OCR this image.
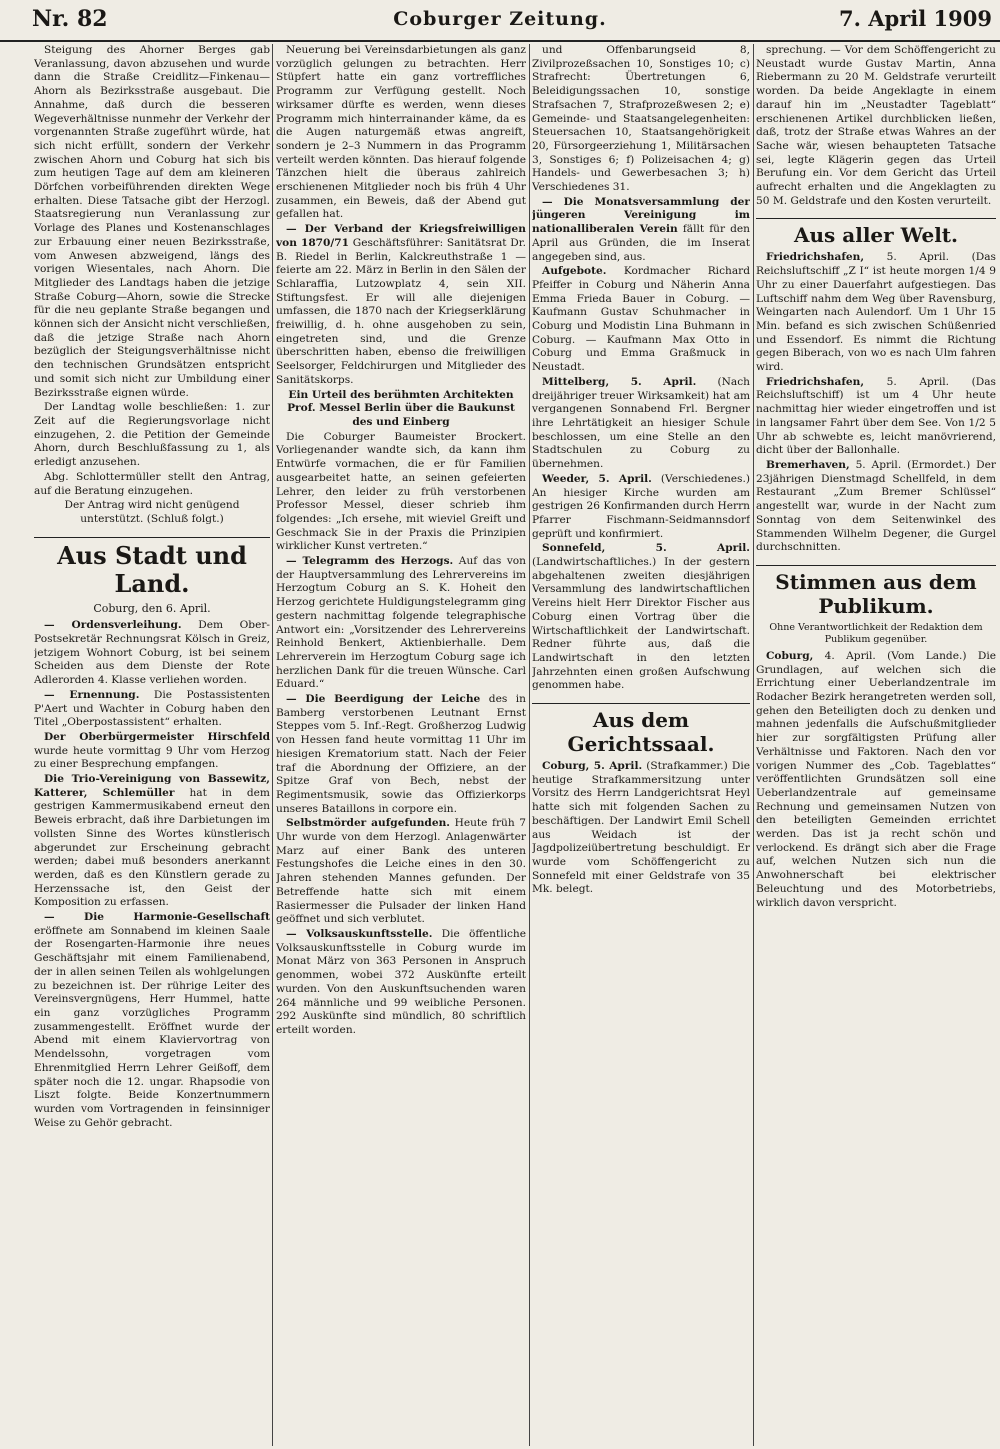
Nr. 82	Coburger Zeitung.	7. April 1909

Steigung des Ahorner Berges gab Veranlassung, davon abzusehen und wurde dann die Straße Creidlitz—Finkenau—Ahorn als Bezirksstraße ausgebaut. Die Annahme, daß durch die besseren Wegeverhältnisse nunmehr der Verkehr der vorgenannten Straße zugeführt würde, hat sich nicht erfüllt, sondern der Verkehr zwischen Ahorn und Coburg hat sich bis zum heutigen Tage auf dem am kleineren Dörfchen vorbeiführenden direkten Wege erhalten. Diese Tatsache gibt der Herzogl. Staatsregierung nun Veranlassung zur Vorlage des Planes und Kostenanschlages zur Erbauung einer neuen Bezirksstraße, vom Anwesen abzweigend, längs des vorigen Wiesentales, nach Ahorn. Die Mitglieder des Landtags haben die jetzige Straße Coburg—Ahorn, sowie die Strecke für die neu geplante Straße begangen und können sich der Ansicht nicht verschließen, daß die jetzige Straße nach Ahorn bezüglich der Steigungsverhältnisse nicht den technischen Grundsätzen entspricht und somit sich nicht zur Umbildung einer Bezirksstraße eignen würde.

Der Landtag wolle beschließen: 1. zur Zeit auf die Regierungsvorlage nicht einzugehen, 2. die Petition der Gemeinde Ahorn, durch Beschlußfassung zu 1, als erledigt anzusehen.

Abg. Schlottermüller stellt den Antrag, auf die Beratung einzugehen.

Der Antrag wird nicht genügend unterstützt. (Schluß folgt.)

Aus Stadt und Land.
Coburg, den 6. April.

— Ordensverleihung. Dem Ober-Postsekretär Rechnungsrat Kölsch in Greiz, jetzigem Wohnort Coburg, ist bei seinem Scheiden aus dem Dienste der Rote Adlerorden 4. Klasse verliehen worden.

— Ernennung. Die Postassistenten P'Aert und Wachter in Coburg haben den Titel „Oberpostassistent“ erhalten.

Der Oberbürgermeister Hirschfeld wurde heute vormittag 9 Uhr vom Herzog zu einer Besprechung empfangen.

Die Trio-Vereinigung von Bassewitz, Katterer, Schlemüller hat in dem gestrigen Kammermusikabend erneut den Beweis erbracht, daß ihre Darbietungen im vollsten Sinne des Wortes künstlerisch abgerundet zur Erscheinung gebracht werden; dabei muß besonders anerkannt werden, daß es den Künstlern gerade zu Herzenssache ist, den Geist der Komposition zu erfassen.

— Die Harmonie-Gesellschaft eröffnete am Sonnabend im kleinen Saale der Rosengarten-Harmonie ihre neues Geschäftsjahr mit einem Familienabend, der in allen seinen Teilen als wohlgelungen zu bezeichnen ist. Der rührige Leiter des Vereinsvergnügens, Herr Hummel, hatte ein ganz vorzügliches Programm zusammengestellt. Eröffnet wurde der Abend mit einem Klaviervortrag von Mendelssohn, vorgetragen vom Ehrenmitglied Herrn Lehrer Geißoff, dem später noch die 12. ungar. Rhapsodie von Liszt folgte. Beide Konzertnummern wurden vom Vortragenden in feinsinniger Weise zu Gehör gebracht.

Neuerung bei Vereinsdarbietungen als ganz vorzüglich gelungen zu betrachten. Herr Stüpfert hatte ein ganz vortreffliches Programm zur Verfügung gestellt. Noch wirksamer dürfte es werden, wenn dieses Programm mich hinterrainander käme, da es die Augen naturgemäß etwas angreift, sondern je 2–3 Nummern in das Programm verteilt werden könnten. Das hierauf folgende Tänzchen hielt die überaus zahlreich erschienenen Mitglieder noch bis früh 4 Uhr zusammen, ein Beweis, daß der Abend gut gefallen hat.

— Der Verband der Kriegsfreiwilligen von 1870/71 Geschäftsführer: Sanitätsrat Dr. B. Riedel in Berlin, Kalckreuthstraße 1 — feierte am 22. März in Berlin in den Sälen der Schlaraffia, Lutzowplatz 4, sein XII. Stiftungsfest. Er will alle diejenigen umfassen, die 1870 nach der Kriegserklärung freiwillig, d. h. ohne ausgehoben zu sein, eingetreten sind, und die Grenze überschritten haben, ebenso die freiwilligen Seelsorger, Feldchirurgen und Mitglieder des Sanitätskorps.

Ein Urteil des berühmten Architekten Prof. Messel Berlin über die Baukunst des und Einberg

Die Coburger Baumeister Brockert. Vorliegenander wandte sich, da kann ihm Entwürfe vormachen, die er für Familien ausgearbeitet hatte, an seinen gefeierten Lehrer, den leider zu früh verstorbenen Professor Messel, dieser schrieb ihm folgendes: „Ich ersehe, mit wieviel Greift und Geschmack Sie in der Praxis die Prinzipien wirklicher Kunst vertreten.“

— Telegramm des Herzogs. Auf das von der Hauptversammlung des Lehrervereins im Herzogtum Coburg an S. K. Hoheit den Herzog gerichtete Huldigungstelegramm ging gestern nachmittag folgende telegraphische Antwort ein: „Vorsitzender des Lehrervereins Reinhold Benkert, Aktienbierhalle. Dem Lehrerverein im Herzogtum Coburg sage ich herzlichen Dank für die treuen Wünsche. Carl Eduard.“

— Die Beerdigung der Leiche des in Bamberg verstorbenen Leutnant Ernst Steppes vom 5. Inf.-Regt. Großherzog Ludwig von Hessen fand heute vormittag 11 Uhr im hiesigen Krematorium statt. Nach der Feier traf die Abordnung der Offiziere, an der Spitze Graf von Bech, nebst der Regimentsmusik, sowie das Offizierkorps unseres Bataillons in corpore ein.

Selbstmörder aufgefunden. Heute früh 7 Uhr wurde von dem Herzogl. Anlagenwärter Marz auf einer Bank des unteren Festungshofes die Leiche eines in den 30. Jahren stehenden Mannes gefunden. Der Betreffende hatte sich mit einem Rasiermesser die Pulsader der linken Hand geöffnet und sich verblutet.

— Volksauskunftsstelle. Die öffentliche Volksauskunftsstelle in Coburg wurde im Monat März von 363 Personen in Anspruch genommen, wobei 372 Auskünfte erteilt wurden. Von den Auskunftsuchenden waren 264 männliche und 99 weibliche Personen. 292 Auskünfte sind mündlich, 80 schriftlich erteilt worden.

und Offenbarungseid 8, Zivilprozeßsachen 10, Sonstiges 10; c) Strafrecht: Übertretungen 6, Beleidigungssachen 10, sonstige Strafsachen 7, Strafprozeßwesen 2; e) Gemeinde- und Staatsangelegenheiten: Steuersachen 10, Staatsangehörigkeit 20, Fürsorgeerziehung 1, Militärsachen 3, Sonstiges 6; f) Polizeisachen 4; g) Handels- und Gewerbesachen 3; h) Verschiedenes 31.

— Die Monatsversammlung der jüngeren Vereinigung im nationalliberalen Verein fällt für den April aus Gründen, die im Inserat angegeben sind, aus.

Aufgebote. Kordmacher Richard Pfeiffer in Coburg und Näherin Anna Emma Frieda Bauer in Coburg. — Kaufmann Gustav Schuhmacher in Coburg und Modistin Lina Buhmann in Coburg. — Kaufmann Max Otto in Coburg und Emma Graßmuck in Neustadt.

Mittelberg, 5. April. (Nach dreijähriger treuer Wirksamkeit) hat am vergangenen Sonnabend Frl. Bergner ihre Lehrtätigkeit an hiesiger Schule beschlossen, um eine Stelle an den Stadtschulen zu Coburg zu übernehmen.

Weeder, 5. April. (Verschiedenes.) An hiesiger Kirche wurden am gestrigen 26 Konfirmanden durch Herrn Pfarrer Fischmann-Seidmannsdorf geprüft und konfirmiert.

Sonnefeld, 5. April. (Landwirtschaftliches.) In der gestern abgehaltenen zweiten diesjährigen Versammlung des landwirtschaftlichen Vereins hielt Herr Direktor Fischer aus Coburg einen Vortrag über die Wirtschaftlichkeit der Landwirtschaft. Redner führte aus, daß die Landwirtschaft in den letzten Jahrzehnten einen großen Aufschwung genommen habe.

Aus dem Gerichtssaal.

Coburg, 5. April. (Strafkammer.) Die heutige Strafkammersitzung unter Vorsitz des Herrn Landgerichtsrat Heyl hatte sich mit folgenden Sachen zu beschäftigen. Der Landwirt Emil Schell aus Weidach ist der Jagdpolizeiübertretung beschuldigt. Er wurde vom Schöffengericht zu Sonnefeld mit einer Geldstrafe von 35 Mk. belegt.

sprechung. — Vor dem Schöffengericht zu Neustadt wurde Gustav Martin, Anna Riebermann zu 20 M. Geldstrafe verurteilt worden. Da beide Angeklagte in einem darauf hin im „Neustadter Tageblatt“ erschienenen Artikel durchblicken ließen, daß, trotz der Straße etwas Wahres an der Sache wär, wiesen behaupteten Tatsache sei, legte Klägerin gegen das Urteil Berufung ein. Vor dem Gericht das Urteil aufrecht erhalten und die Angeklagten zu 50 M. Geldstrafe und den Kosten verurteilt.

Aus aller Welt.

Friedrichshafen, 5. April. (Das Reichsluftschiff „Z I“ ist heute morgen 1/4 9 Uhr zu einer Dauerfahrt aufgestiegen. Das Luftschiff nahm dem Weg über Ravensburg, Weingarten nach Aulendorf. Um 1 Uhr 15 Min. befand es sich zwischen Schüßenried und Essendorf. Es nimmt die Richtung gegen Biberach, von wo es nach Ulm fahren wird.

Friedrichshafen, 5. April. (Das Reichsluftschiff) ist um 4 Uhr heute nachmittag hier wieder eingetroffen und ist in langsamer Fahrt über dem See. Von 1/2 5 Uhr ab schwebte es, leicht manövrierend, dicht über der Ballonhalle.

Bremerhaven, 5. April. (Ermordet.) Der 23jährigen Dienstmagd Schellfeld, in dem Restaurant „Zum Bremer Schlüssel“ angestellt war, wurde in der Nacht zum Sonntag von dem Seitenwinkel des Stammenden Wilhelm Degener, die Gurgel durchschnitten.

Stimmen aus dem Publikum.
Ohne Verantwortlichkeit der Redaktion dem Publikum gegenüber.

Coburg, 4. April. (Vom Lande.) Die Grundlagen, auf welchen sich die Errichtung einer Ueberlandzentrale im Rodacher Bezirk herangetreten werden soll, gehen den Beteiligten doch zu denken und mahnen jedenfalls die Aufschußmitglieder hier zur sorgfältigsten Prüfung aller Verhältnisse und Faktoren. Nach den vor vorigen Nummer des „Cob. Tageblattes“ veröffentlichten Grundsätzen soll eine Ueberlandzentrale auf gemeinsame Rechnung und gemeinsamen Nutzen von den beteiligten Gemeinden errichtet werden. Das ist ja recht schön und verlockend. Es drängt sich aber die Frage auf, welchen Nutzen sich nun die Anwohnerschaft bei elektrischer Beleuchtung und des Motorbetriebs, wirklich davon verspricht.
